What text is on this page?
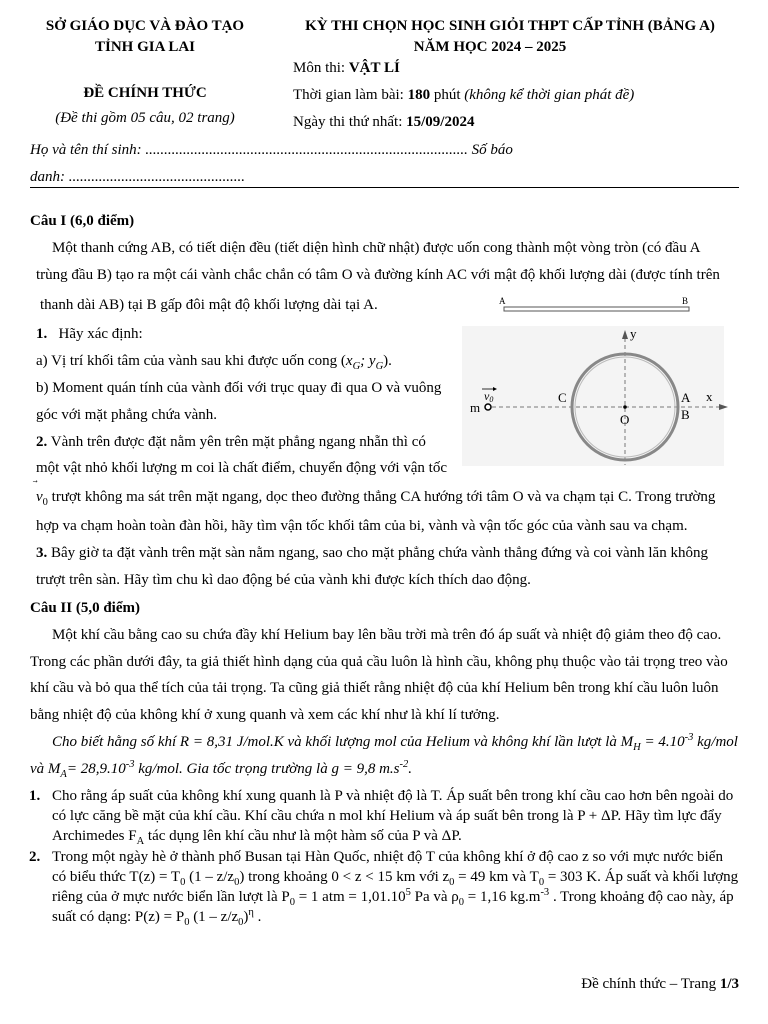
SỞ GIÁO DỤC VÀ ĐÀO TẠO
TỈNH GIA LAI
ĐỀ CHÍNH THỨC
(Đề thi gồm 05 câu, 02 trang)
KỲ THI CHỌN HỌC SINH GIỎI THPT CẤP TỈNH (BẢNG A)
NĂM HỌC 2024 – 2025
Môn thi: VẬT LÍ
Thời gian làm bài: 180 phút (không kể thời gian phát đề)
Ngày thi thứ nhất: 15/09/2024
Họ và tên thí sinh: ...................................................................................... Số báo
danh: ...............................................
Câu I (6,0 điểm)
Một thanh cứng AB, có tiết diện đều (tiết diện hình chữ nhật) được uốn cong thành một vòng tròn (có đầu A
trùng đầu B) tạo ra một cái vành chắc chắn có tâm O và đường kính AC với mật độ khối lượng dài (được tính trên
thanh dài AB) tại B gấp đôi mật độ khối lượng dài tại A.
1. Hãy xác định:
a) Vị trí khối tâm của vành sau khi được uốn cong ($x_G$; $y_G$).
b) Moment quán tính của vành đối với trục quay đi qua O và vuông
góc với mặt phẳng chứa vành.
2. Vành trên được đặt nằm yên trên mặt phẳng ngang nhẵn thì có
một vật nhỏ khối lượng m coi là chất điểm, chuyển động với vận tốc
v
$_0$ trượt không ma sát trên mặt ngang, dọc theo đường thẳng CA hướng tới tâm O và va chạm tại C. Trong trường
hợp va chạm hoàn toàn đàn hồi, hãy tìm vận tốc khối tâm của bi, vành và vận tốc góc của vành sau va chạm.
3. Bây giờ ta đặt vành trên mặt sàn nằm ngang, sao cho mặt phẳng chứa vành thẳng đứng và coi vành lăn không
trượt trên sàn. Hãy tìm chu kì dao động bé của vành khi được kích thích dao động.
A	B
y
x
O
C	A
B
m
v0
Câu II (5,0 điểm)
Một khí cầu bằng cao su chứa đầy khí Helium bay lên bầu trời mà trên đó áp suất và nhiệt độ giảm theo độ cao.
Trong các phần dưới đây, ta giả thiết hình dạng của quả cầu luôn là hình cầu, không phụ thuộc vào tải trọng treo vào
khí cầu và bỏ qua thể tích của tải trọng. Ta cũng giả thiết rằng nhiệt độ của khí Helium bên trong khí cầu luôn luôn
bằng nhiệt độ của không khí ở xung quanh và xem các khí như là khí lí tưởng.
Cho biết hằng số khí R = 8,31 J/mol.K và khối lượng mol của Helium và không khí lần lượt là $M_H = 4.10^{-3}$ kg/mol
và $M_A= 28,9.10^{-3}$ kg/mol. Gia tốc trọng trường là g = 9,8 $m.s^{-2}$.
1. Cho rằng áp suất của không khí xung quanh là P và nhiệt độ là T. Áp suất bên trong khí cầu cao hơn bên ngoài do
có lực căng bề mặt của khí cầu. Khí cầu chứa n mol khí Helium và áp suất bên trong là P + ΔP. Hãy tìm lực đẩy
Archimedes $F_A$ tác dụng lên khí cầu như là một hàm số của P và ΔP.
2. Trong một ngày hè ở thành phố Busan tại Hàn Quốc, nhiệt độ T của không khí ở độ cao z so với mực nước biển
có biểu thức $T(z) = T_0$ $(1 - z/z_0)$ trong khoảng 0 < z < 15 km với $z_0 = 49$ km và $T_0 = 303$ K. Áp suất và khối lượng
riêng của ở mực nước biển lần lượt là $P_0 = 1$ atm = $1,01.10^5$ Pa và $\rho_0 = 1,16$ $kg.m^{-3}$ . Trong khoảng độ cao này, áp
suất có dạng: $P(z) = P_0$ $(1 - z/z_0)^\eta$ .
Đề chính thức – Trang 1/3
